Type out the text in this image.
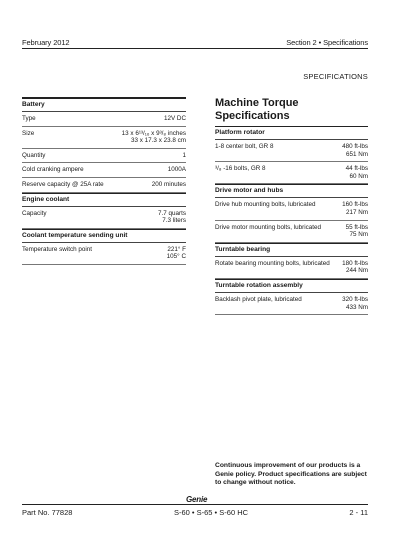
February 2012	Section 2 • Specifications
SPECIFICATIONS
Battery
Type	12V DC
Size	13 x 6¹³/₁₆ x 9³/₈ inches
33 x 17.3 x 23.8 cm
Quantity	1
Cold cranking ampere	1000A
Reserve capacity @ 25A rate	200 minutes
Engine coolant
Capacity	7.7 quarts
7.3 liters
Coolant temperature sending unit
Temperature switch point	221° F
105° C
Machine Torque Specifications
Platform rotator
1-8 center bolt, GR 8	480 ft-lbs
651 Nm
³/₈ -16 bolts, GR 8	44 ft-lbs
60 Nm
Drive motor and hubs
Drive hub mounting bolts, lubricated	160 ft-lbs
217 Nm
Drive motor mounting bolts, lubricated	55 ft-lbs
75 Nm
Turntable bearing
Rotate bearing mounting bolts, lubricated	180 ft-lbs
244 Nm
Turntable rotation assembly
Backlash pivot plate, lubricated	320 ft-lbs
433 Nm
Continuous improvement of our products is a Genie policy. Product specifications are subject to change without notice.
Genie
Part No. 77828	S-60 • S-65 • S-60 HC	2 - 11
